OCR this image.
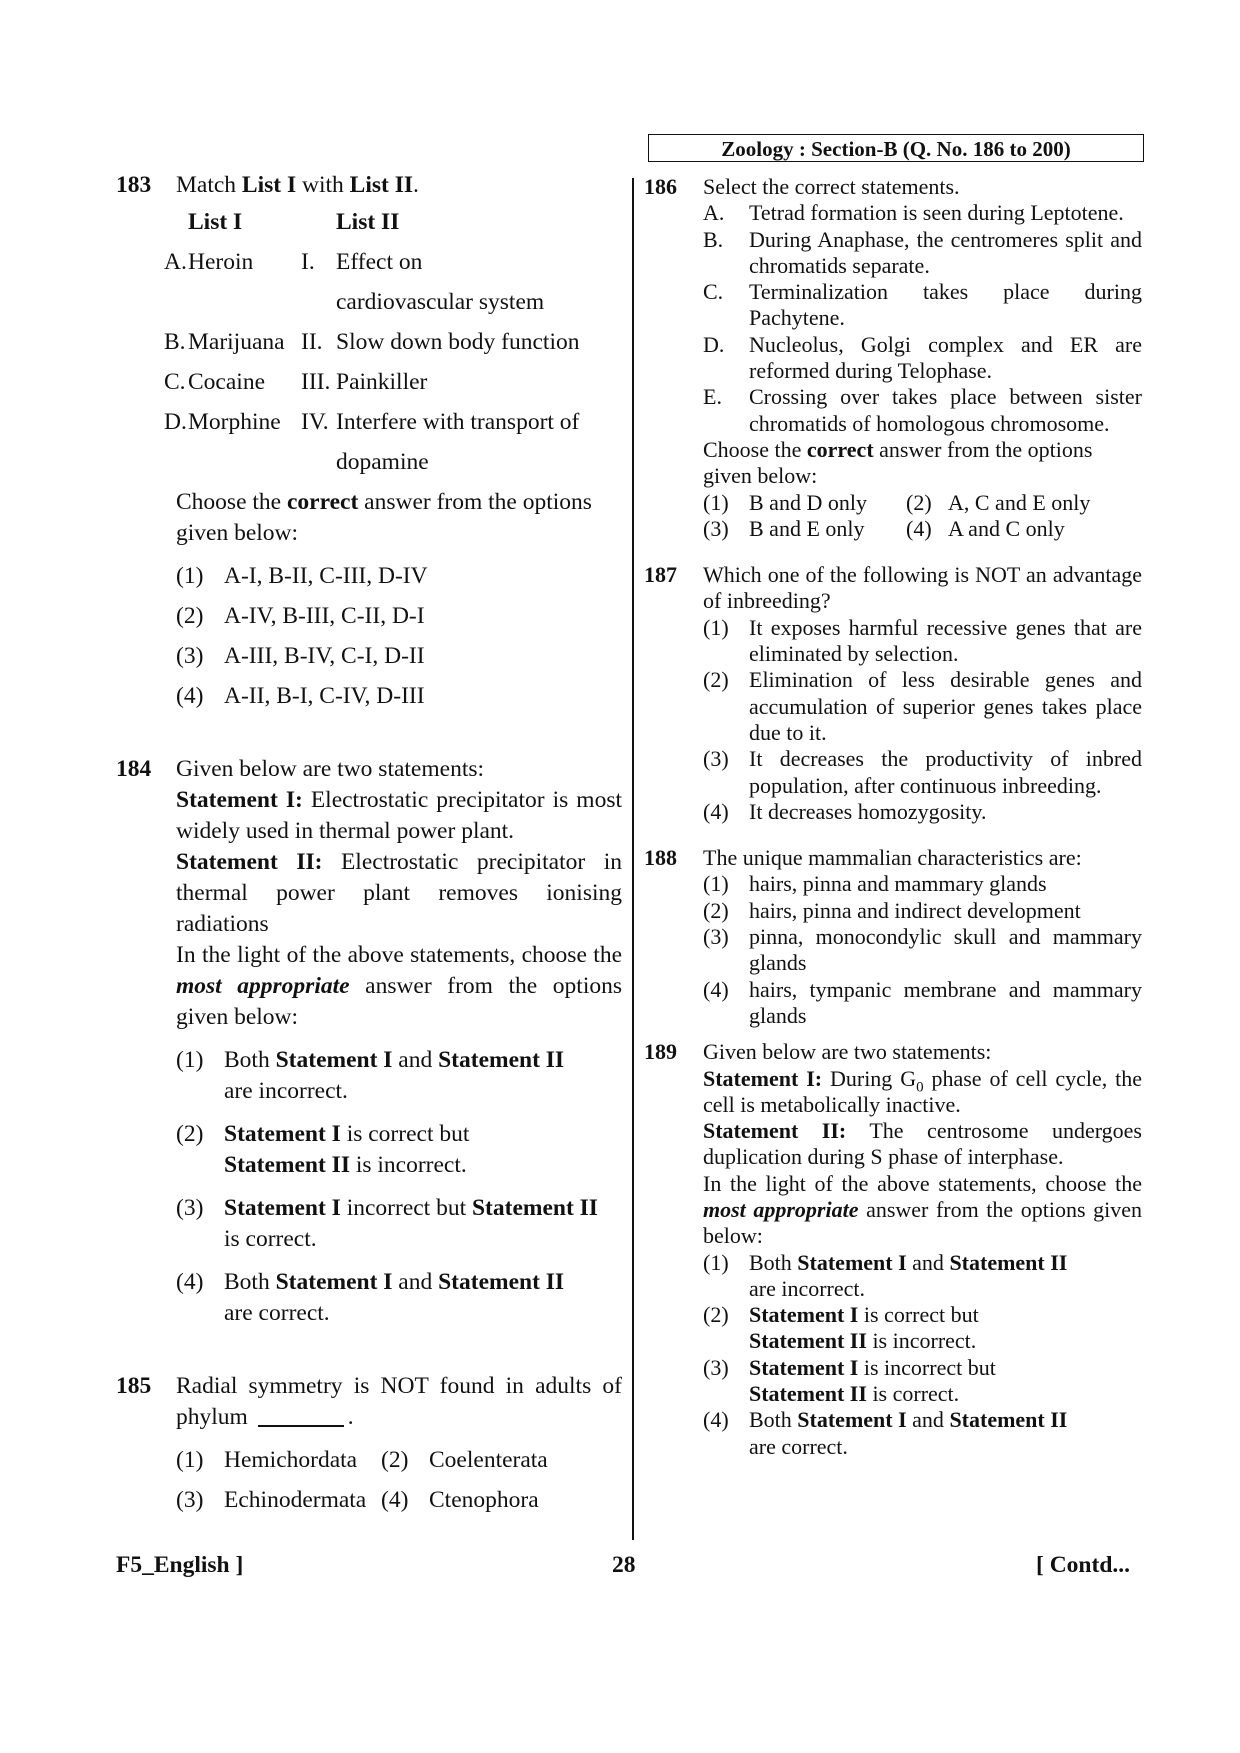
183 Match List I with List II.

List I	List II
A. Heroin	I. Effect on
cardiovascular system
B. Marijuana II. Slow down body function
C. Cocaine	III. Painkiller
D. Morphine IV. Interfere with transport of
dopamine

Choose the correct answer from the options given below:

(1) A-I, B-II, C-III, D-IV
(2) A-IV, B-III, C-II, D-I
(3) A-III, B-IV, C-I, D-II
(4) A-II, B-I, C-IV, D-III
184 Given below are two statements:

Statement I: Electrostatic precipitator is most widely used in thermal power plant.

Statement II: Electrostatic precipitator in thermal power plant removes ionising radiations

In the light of the above statements, choose the most appropriate answer from the options given below:

(1) Both Statement I and Statement II
are incorrect.
(2) Statement I is correct but
Statement II is incorrect.
(3) Statement I incorrect but Statement II
is correct.
(4) Both Statement I and Statement II
are correct.
185 Radial symmetry is NOT found in adults of phylum	.

(1) Hemichordata	(2) Coelenterata
(3) Echinodermata (4) Ctenophora
Zoology : Section-B (Q. No. 186 to 200)
186 Select the correct statements.

A.	Tetrad formation is seen during Leptotene.
B.	During Anaphase, the centromeres split and chromatids separate.
C.	Terminalization takes place during Pachytene.
D.	Nucleolus, Golgi complex and ER are reformed during Telophase.
E.	Crossing over takes place between sister chromatids of homologous chromosome.

Choose the correct answer from the options given below:

(1) B and D only	(2) A, C and E only
(3) B and E only	(4) A and C only
187 Which one of the following is NOT an advantage of inbreeding?

(1) It exposes harmful recessive genes that are eliminated by selection.
(2) Elimination of less desirable genes and accumulation of superior genes takes place due to it.
(3) It decreases the productivity of inbred population, after continuous inbreeding.
(4) It decreases homozygosity.
188 The unique mammalian characteristics are:

(1) hairs, pinna and mammary glands
(2) hairs, pinna and indirect development
(3) pinna, monocondylic skull and mammary glands
(4) hairs, tympanic membrane and mammary glands
189 Given below are two statements:

Statement I: During $G_0$ phase of cell cycle, the cell is metabolically inactive.

Statement II: The centrosome undergoes duplication during S phase of interphase.

In the light of the above statements, choose the most appropriate answer from the options given below:

(1) Both Statement I and Statement II
are incorrect.
(2) Statement I is correct but
Statement II is incorrect.
(3) Statement I is incorrect but
Statement II is correct.
(4) Both Statement I and Statement II
are correct.
F5_English ]	28	[ Contd...
